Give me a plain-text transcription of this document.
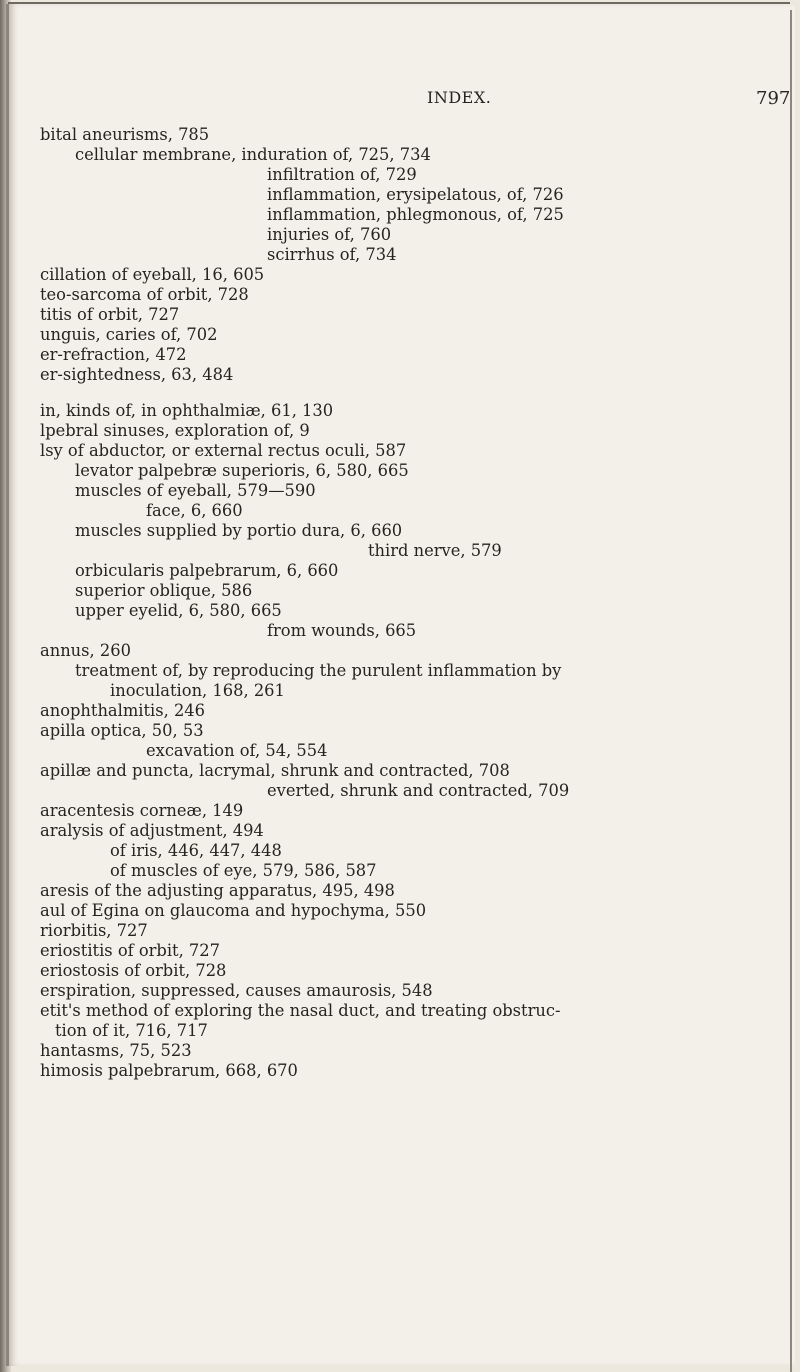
INDEX.	797
bital aneurisms, 785
cellular membrane, induration of, 725, 734
infiltration of, 729
inflammation, erysipelatous, of, 726
inflammation, phlegmonous, of, 725
injuries of, 760
scirrhus of, 734
cillation of eyeball, 16, 605
teo-sarcoma of orbit, 728
titis of orbit, 727
unguis, caries of, 702
er-refraction, 472
er-sightedness, 63, 484
in, kinds of, in ophthalmiæ, 61, 130
lpebral sinuses, exploration of, 9
lsy of abductor, or external rectus oculi, 587
levator palpebræ superioris, 6, 580, 665
muscles of eyeball, 579—590
face, 6, 660
muscles supplied by portio dura, 6, 660
third nerve, 579
orbicularis palpebrarum, 6, 660
superior oblique, 586
upper eyelid, 6, 580, 665
from wounds, 665
annus, 260
treatment of, by reproducing the purulent inflammation by
inoculation, 168, 261
anophthalmitis, 246
apilla optica, 50, 53
excavation of, 54, 554
apillæ and puncta, lacrymal, shrunk and contracted, 708
everted, shrunk and contracted, 709
aracentesis corneæ, 149
aralysis of adjustment, 494
of iris, 446, 447, 448
of muscles of eye, 579, 586, 587
aresis of the adjusting apparatus, 495, 498
aul of Egina on glaucoma and hypochyma, 550
riorbitis, 727
eriostitis of orbit, 727
eriostosis of orbit, 728
erspiration, suppressed, causes amaurosis, 548
etit's method of exploring the nasal duct, and treating obstruc-
tion of it, 716, 717
hantasms, 75, 523
himosis palpebrarum, 668, 670
